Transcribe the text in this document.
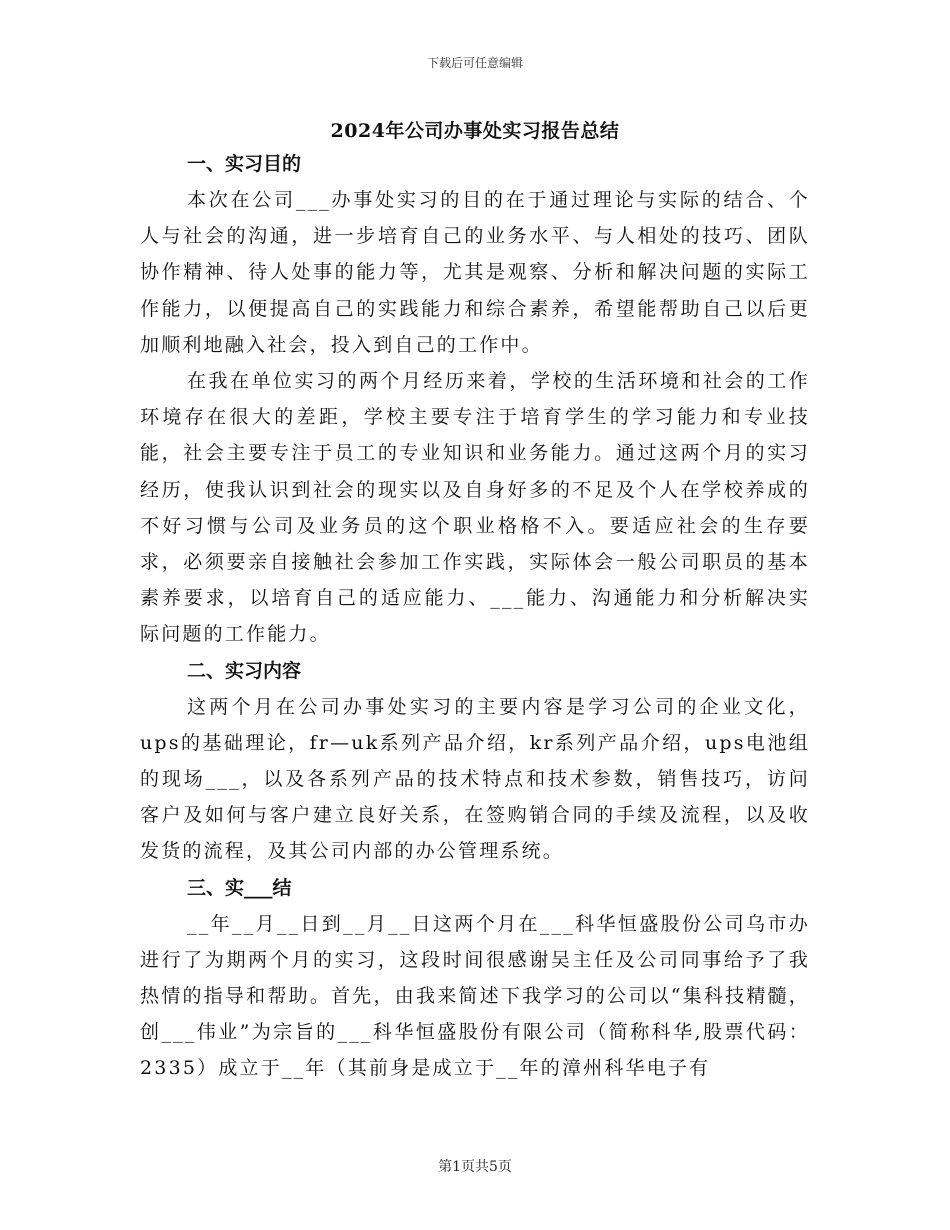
下载后可任意编辑
2024年公司办事处实习报告总结
一、实习目的

本次在公司___办事处实习的目的在于通过理论与实际的结合、个人与社会的沟通，进一步培育自己的业务水平、与人相处的技巧、团队协作精神、待人处事的能力等，尤其是观察、分析和解决问题的实际工作能力，以便提高自己的实践能力和综合素养，希望能帮助自己以后更加顺利地融入社会，投入到自己的工作中。

在我在单位实习的两个月经历来着，学校的生活环境和社会的工作环境存在很大的差距，学校主要专注于培育学生的学习能力和专业技能，社会主要专注于员工的专业知识和业务能力。通过这两个月的实习经历，使我认识到社会的现实以及自身好多的不足及个人在学校养成的不好习惯与公司及业务员的这个职业格格不入。要适应社会的生存要求，必须要亲自接触社会参加工作实践，实际体会一般公司职员的基本素养要求，以培育自己的适应能力、___能力、沟通能力和分析解决实际问题的工作能力。

二、实习内容

这两个月在公司办事处实习的主要内容是学习公司的企业文化，ups的基础理论，fr—uk系列产品介绍，kr系列产品介绍，ups电池组的现场___，以及各系列产品的技术特点和技术参数，销售技巧，访问客户及如何与客户建立良好关系，在签购销合同的手续及流程，以及收发货的流程，及其公司内部的办公管理系统。

三、实___结

__年__月__日到__月__日这两个月在___科华恒盛股份公司乌市办进行了为期两个月的实习，这段时间很感谢吴主任及公司同事给予了我热情的指导和帮助。首先，由我来简述下我学习的公司以“集科技精髓，创___伟业”为宗旨的___科华恒盛股份有限公司（简称科华,股票代码：2335）成立于__年（其前身是成立于__年的漳州科华电子有

第1页共5页
